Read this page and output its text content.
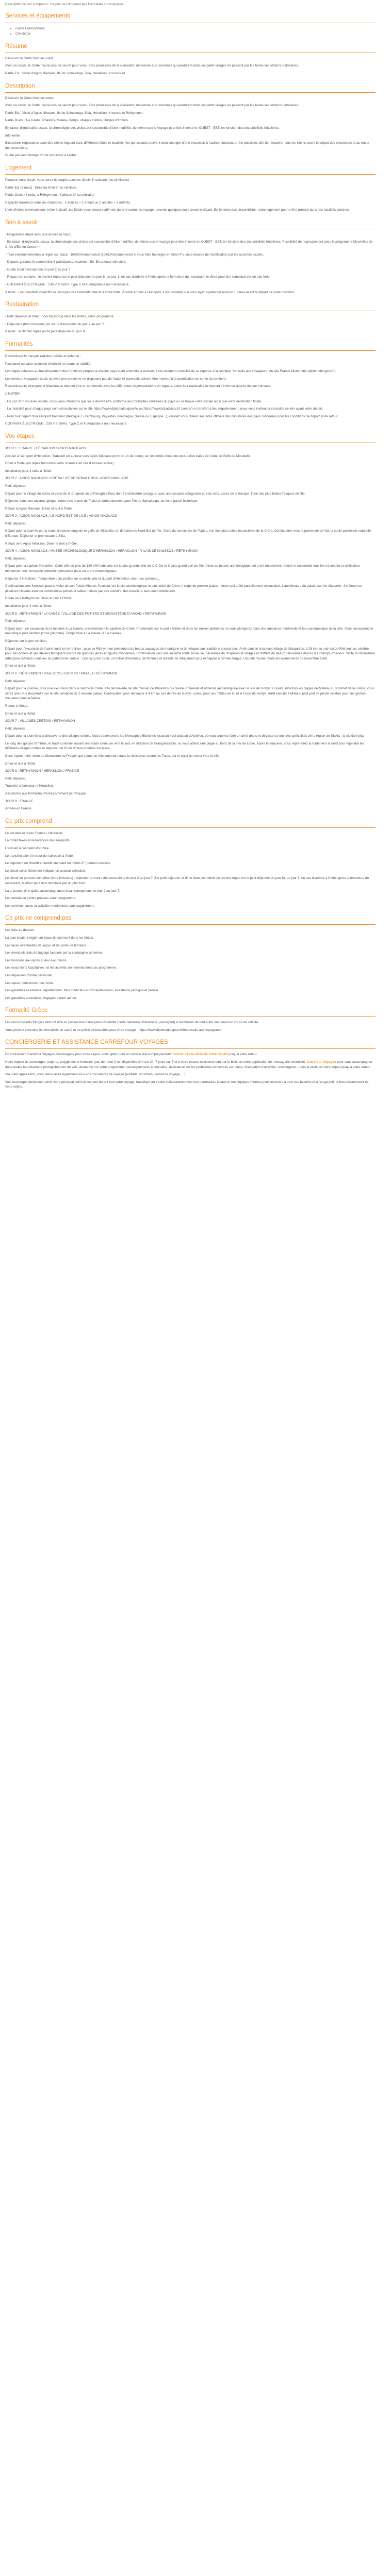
Descriptifs Ce prix comprend : Ce prix ne comprend pas Formalités Conciergerie
Services et équipements
• Guide Francophone
• Concierge
Résumé

Découvrir la Crète d'est en ouest.

Avec ce circuit, la Crète n'aura plus de secret pour vous ! Des prouesses de la civilisation minoenne aux coutumes qui perdurent dans les petits villages en passant par les fameuses stations balnéaires.

Partie Est : Visite d'Agios Nikolaos, Ile de Spinalonga, Sitia, Héraklion, Knossos et ...

Description

Découvrir la Crète d'est en ouest.

Avec ce circuit, la Crète n'aura plus de secret pour vous ! Des prouesses de la civilisation minoenne aux coutumes qui perdurent dans les petits villages en passant par les fameuses stations balnéaires.

Partie Est : Visite d'Agios Nikolaos, Ile de Spinalonga, Sitia, Héraklion, Knossos et Réthymnon.

Partie Ouest : La Canée, Phaistos, Matala, Gortys, villages crétois, Gorges d'Imbros.

En raison d'impératifs locaux, la chronologie des visites est susceptible d'être modifiée, de même que le voyage peut être inversé en OUEST - EST, en fonction des disponibilités hôtelières.

Info vérité :

Excursions regroupées avec des clients logeant dans différents hôtels et localités (les participants peuvent donc changer d'une excursion à l'autre), plusieurs arrêts possibles afin de récupérer tous les clients avant le départ des excursions et au retour des excursions.

Guide pouvant changer d'une excursion à l'autre.

Logement

Pendant votre circuit, vous serez hébergés dans les hôtels 3* suivants (ou similaires) :

Partie Est (3 nuits) : Elounda Krini 3* ou similaire.

Partie Ouest (4 nuits) à Réthymnon : Kalliston 3* ou similaire.

Capacité maximum dans les chambres : 2 adultes + 1 enfant ou 2 adultes + 2 enfants.

L'ide d'hôtels communiquée à titre indicatif, les hôtels vous seront confirmés dans le carnet de voyage transmis quelques jours avant le départ. En fonction des disponibilités, votre logement pourra être précisé dans des localités voisines.

Bon à savoir

- Programme établi avec une arrivée le mardi.

- En raison d'impératifs locaux, la chronologie des visites est susceptible d'être modifiée, de même que le voyage peut être inversé en OUEST - EST, en fonction des disponibilités hôtelières. Possibilité de regroupement avec le programme Merveilles de Crète d'Est en Ouest 4*.

- Taxe environnementale à régler sur place : 1€/UR/chambre/nuit (10€/UR/chambre/nuit si vous êtes hébergés en hôtel 4*), sous réserve de modification par les autorités locales.

- Départs garantis le samedi dès 6 participants, maximum 53. En autocar climatisé.

- Guide local francophone du jour 2 au jour 7.

- Repas non compris : le dernier repas est le petit déjeuner du jour 8. Le jour 1, en cas d'arrivée à l'hôtel après la fermeture du restaurant, le dîner peut être remplacé par un plat froid.

- COURANT ÉLECTRIQUE : 230 V et 50Hz. Type C et F. Adaptateur non nécessaire.

A noter : Les transferts collectifs ne sont pas des transferts directs à votre hôtel. À votre arrivée à l'aéroport, il est possible que vous ayez à patienter environ 1 heure avant le départ de votre transfert.

Restauration

- Petit déjeuner et dîner (hors boissons) dans les hôtels, selon programme.

- Déjeuners (hors boissons) en cours d'excursion du jour 2 au jour 7.

A noter : le dernier repas est le petit déjeuner du jour 8.

Formalités

Ressortissants français (adultes, bébés et enfants) :

Passeport ou carte nationale d'identité en cours de validité.

Les règles relatives au franchissement des frontières propres à chaque pays étant amenées à évoluer, il est vivement conseillé de se reporter à la rubrique "conseils aux voyageurs" du site France Diplomatie.(diplomatie.gouv.fr).

Les mineurs voyageant seuls ou avec une personne ne disposant pas de l'autorité parentale doivent être munis d'une autorisation de sortie de territoire.

Ressortissants étrangers et binationaux devront être en conformité avec les différentes réglementations en vigueur, selon leur nationalité et devront s'informer auprès de leur consulat.

A NOTER

- En cas d'un vol avec escale, nous vous informons que vous devrez être conforme aux formalités sanitaires du pays où se trouve votre escale ainsi que votre destination finale.

- La modalité pour chaque pays sont consultables sur le site https://www.diplomatie.gouv.fr/ ou https://www.tripadvisor.fr/ Lorsqu'un transfert a lieu régulièrement, nous vous invitons à consulter ce lien avant votre départ.

- Pour tout départ d'un aéroport frontalier (Belgique, Luxembourg, Pays-Bas, Allemagne, Suisse ou Espagne...), veuillez vous référer aux sites officiels des ministères des pays concernés pour les conditions de départ et de retour.

COURANT ÉLECTRIQUE : 230 V et 50Hz. Type C et F. Adaptateur non nécessaire.

Vos étapes

JOUR 1 : FRANCE / HÉRAKLION / AGIOS NIKOLAOS

Accueil à l'aéroport d'Héraklion. Transfert en autocar vers Agios Nikolaos (environ 1h de route), sur les bords d'une des plus belles baies de Crète, le Golfe de Mirabello.

Dîner à l'hôtel (ou repas froid dans votre chambre en cas d'arrivée tardive).

Installation pour 3 nuits à l'hôtel.

JOUR 2 : AGIOS NIKOLAOS / KRITSA / ILE DE SPINALONGA / AGIOS NIKOLAOS

Petit déjeuner.

Départ pour le village de Kritsa et visite de la Chapelle de la Panaghia Kera dont l'architecture conjugue, avec une coupole octogonale et trois nefs, assez de la fresque, l'une des plus belles fresques de l'île.

Déjeuner dans une taverne typique, route vers le port de Plaka et embarquement pour l'île de Spinalonga, au riche passé historique.

Retour à Agios Nikolaos. Dîner et nuit à l'hôtel.

JOUR 3 : AGIOS NIKOLAOS / LE NORD-EST DE L'ILE / AGIOS NIKOLAOS

Petit déjeuner.

Départ pour la journée par la route sinueuse longeant le golfe de Mirabello, en direction du Nord-Est de l'île. Visite du monastère de Toplou, l'un des plus riches monastères de la Crète. Continuation vers la palmeraie de Vai, la seule palmeraie naturelle d'Europe. Déjeuner et promenade à Sitia.

Retour vers Agios Nikolaos. Dîner et nuit à l'hôtel.

JOUR 4 : AGIOS NIKOLAOS / MUSÉE ARCHÉOLOGIQUE D'HERAKLION / HÉRAKLION / PALAIS DE KNOSSOS / RÉTHYMNON

Petit déjeuner.

Départ pour la capitale Héraklion. Cette ville de plus de 180 000 habitants est la plus grande ville de la Crète et le plus grand port de l'île. Visite du musée archéologique qui a été récemment rénové et rassemble tous les trésors de la civilisation minoenne, une incroyable collection présentée dans un ordre chronologique.

Déjeuner à Héraklion. Temps libre pour profiter de la vieille ville et du port d'Héraklion, des rues animées...

Continuation vers Knossos pour la visite de son Palais Minoen. Knossos est le site archéologique le plus visité de Crète. Il s'agit du premier palais minoen qui a été partiellement reconstitué. L'architecture du palais est très élaborée : il s'étend sur plusieurs niveaux avec de nombreuses pièces et salles, reliées par des couloirs, des escaliers, des cours intérieures.

Route vers Réthymnon. Dîner et nuit à l'hôtel.

Installation pour 4 nuits à l'hôtel.

JOUR 5 : RÉTHYMNON / LA CANÉE / VILLAGE DES POTIERS ET MONASTÈRE D'ARKADI / RÉTHYMNON

Petit déjeuner.

Départ pour une excursion de la matinée à La Canée, anciennement la capitale de Crète. Promenade sur le port vénitien et dans les ruelles piétonnes où vous plongerez dans une ambiance médiévale et tour panoramique de la ville. Vous découvrirez le magnifique port vénitien (zone piétonne). Temps libre à La Canée (à La Canée).

Déjeuner sur le port vénitien.

Départ pour l'excursion de l'après-midi en terre lisse : pays de Réthymnon présentent de beaux paysages de montagne et de villages aux traditions ancestrales. Arrêt dans le charmant village de Margarites, à 28 km au sud-est de Réthymnon, célèbre pour ses potiers et ses ateliers fabriquant encore de grandes jarres et figures minoennes. Continuation vers une superbe route sinueuse, parsemée de chapelles et villages et d'effets de beaux panoramas depuis les champs d'oliviers. Visite du Monastère orthodoxe d'Arkadi, haut lieu du patriotisme crétois : c'est là qu'en 1866, un millier d'hommes, de femmes et enfants se réfugièrent pour échapper à l'armée turque. Un petit musée relate les événements de novembre 1866.

Dîner et nuit à l'hôtel.

JOUR 6 : RÉTHYMNON / PHAESTOS / GORTYS / MATALA / RÉTHYMNON

Petit déjeuner.

Départ pour la journée, pour une excursion dans le sud de la Crète, à la découverte de site minoen de Phaestos qui révèle un beauté et richesse archéologique avec le site de Gortys. Ensuite, direction les plages de Matala, au sommet de la colline, vous serez avec vue dessendre sur le site composé de 2 anciens palais. Continuation pour découvrir à 4 km au sud de l'île de Gortys, connu pour ses Tables de loi et le Code de Gortys. Arrêt ensuite à Matala, petit port de pêche célèbre pour ses grottes creusées dans la falaise.

Retour à l'hôtel.

Dîner et nuit à l'hôtel.

JOUR 7 : VILLAGES CRÉTOIS / RÉTHYMNON

Petit déjeuner.

Départ pour la journée à la découverte des villages crétois. Nous traverserons les Montagnes Blanches jusqu'au haut plateau d'Askyfou, où vous pourrez faire un arrêt photo et dégusterez une des spécialités de la région de Sfakia : la sfakiani pita.

Le long des gorges d'Imbros, le trajet continue suivant une route sinueuse vers le sud, en direction de Frangokastello, où vous attend une plage au bord de la mer de Libye. Après le déjeuner, vous reprendrez la route vers le nord pour rejoindre les différents villages crétois et déguster de l'huile d'olive produite sur place.

Dans l'après-midi, visite du Monastère de Preveli, qui a joué un rôle important dans la résistance contre les Turcs, sur le trajet de retour vers la ville.

Dîner et nuit à l'hôtel.

JOUR 8 : RÉTHYMNON / HÉRAKLION / FRANCE

Petit déjeuner.

Transfert à l'aéroport d'Héraklion.

Assistance aux formalités d'enregistrement par l'équipe.

JOUR 9 : FRANCE

Arrivée en France.

Ce prix comprend

Le vol aller et retour France / Héraklion.

La forfait taxes et redevances des aéroports.

L'accueil à l'aéroport d'arrivée.

Le transfert aller et retour de l'aéroport à l'hôtel.

Le logement en chambre double standard en hôtels 3* (normes locales).

Le circuit selon l'itinéraire indiqué, en autocar climatisé.

Le circuit en pension complète (hors boissons) : déjeuner au cours des excursions du jour 2 au jour 7 (1er petit déjeuner et dîner dans les hôtels (le dernier repas est le petit déjeuner du jour 8). Le jour 1, en cas d'arrivée à l'hôtel après la fermeture du restaurant, le dîner peut être remplacé par un plat froid.

La présence d'un guide accompagnateur local francophone du jour 2 au jour 7.

Les entrées et visites prévues selon programme.

Les services, taxes et activités mentionnés sans supplément.

Ce prix ne comprend pas

Les frais de dossier.

La taxe locale à régler sur place directement dans les hôtels.

Les taxes éventuelles de séjour et de sortie de territoire.

Les éventuels frais de bagage facturés par la compagnie aérienne.

Les boissons aux repas et aux excursions.

Les excursions facultatives, et les activités non mentionnées au programme.

Les dépenses d'ordre personnel.

Les repas mentionnés non inclus.

Les garanties assistance, rapatriement, frais médicaux et d'hospitalisation, assistance juridique et pénale.

Les garanties annulation, bagages, retard aérien.

Formalité Grèce

Les ressortissants français devront être en possession d'une pièce d'identité (carte nationale d'identité ou passeport) à l'exclusion de tout autre document en cours de validité.

Vous pouvez consulter les formalités de santé et de police nécessaires pour votre voyage : https://www.diplomatie.gouv.fr/fr/conseils-aux-voyageurs/

CONCIERGERIE ET ASSISTANCE CARREFOUR VOYAGES

En choisissant Carrefour Voyages Conciergerie pour votre séjour, vous optez pour un service d'accompagnement concret dès la veille de votre départ jusqu'à votre retour.

Notre équipe de concierges, experts, polyglottes et humains (pas de robot !) est disponible 24h sur 24, 7 jours sur 7 et à votre écoute exclusivement par le biais de notre application de messagerie sécurisée. Carrefour Voyages pour vous accompagner dans toutes les situations (enregistrement de vols, demande sur votre programme, renseignements à connaître, assistance sur les problèmes rencontrés sur place, réservation d'activités, conciergerie...) dès la veille de votre départ jusqu'à votre retour.

Via notre application, vous retrouverez également tous vos documents de voyage (e-billets, vouchers, carnet de voyage, ...).

Vos concierges deviennent ainsi votre principal point de contact durant tout votre voyage, travaillant en étroite collaboration avec nos partenaires locaux et nos équipes internes pour répondre à tous vos besoins et ainsi garantir le bon déroulement de votre séjour.
